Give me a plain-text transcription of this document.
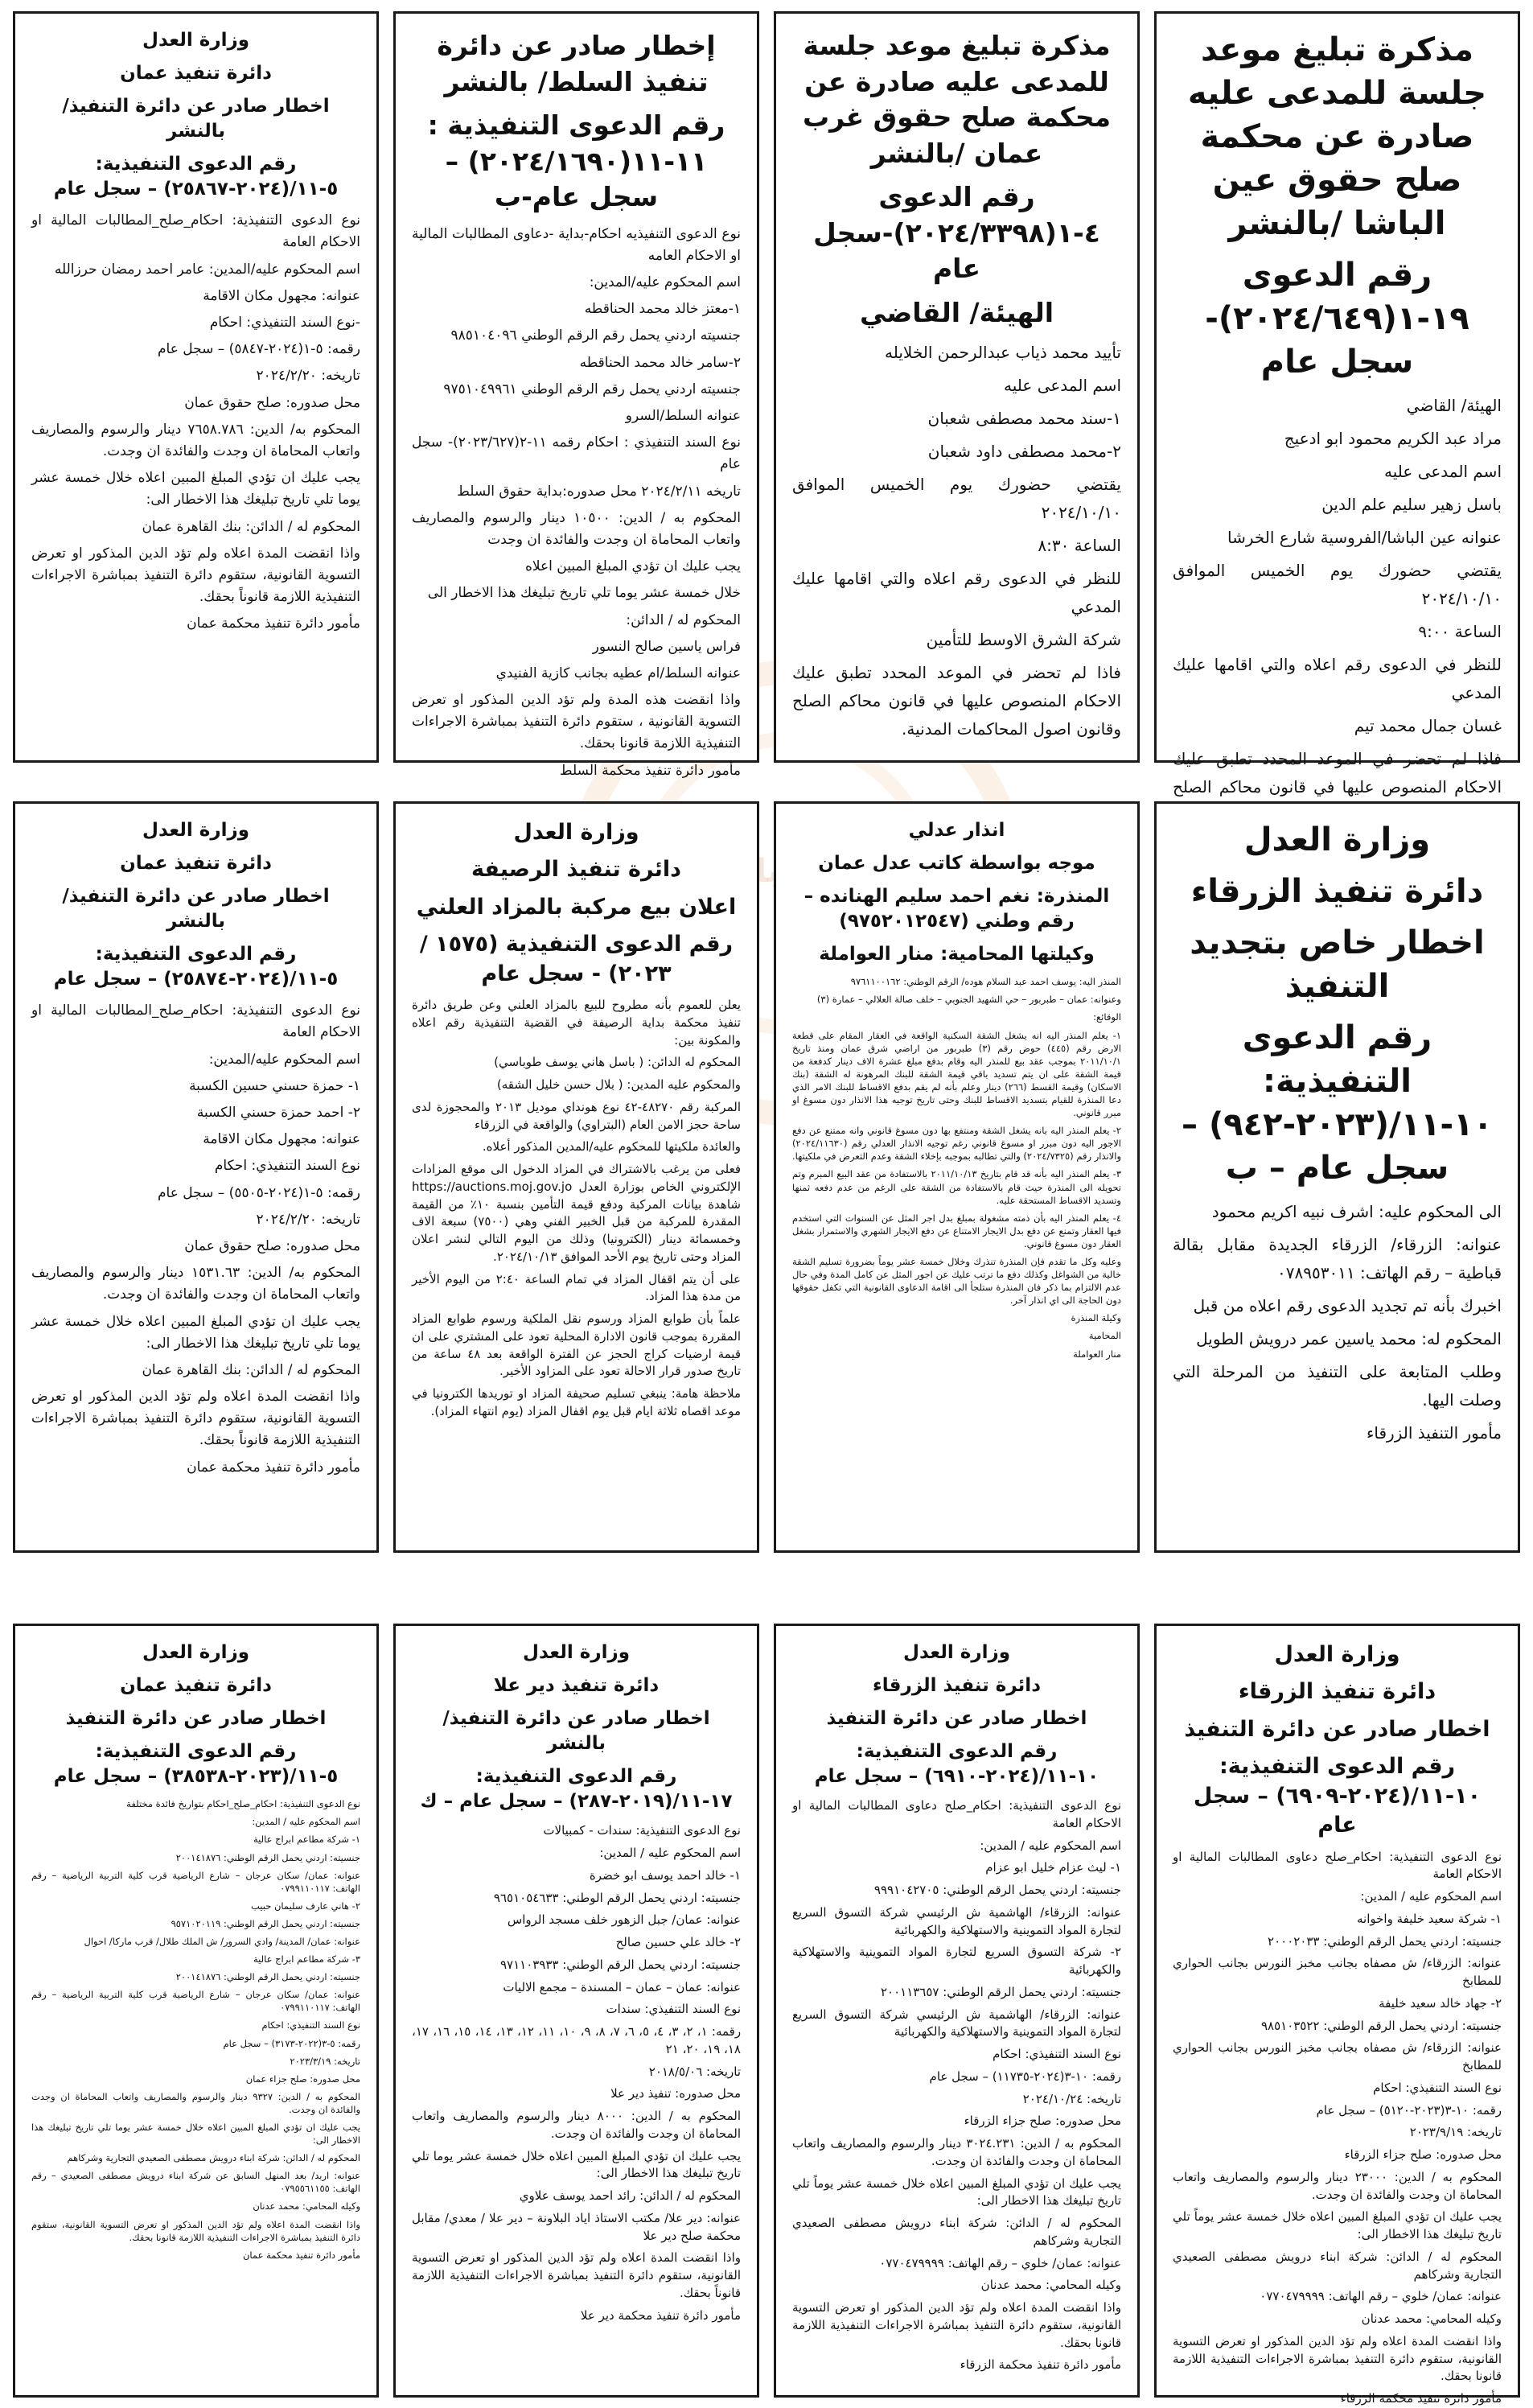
الإخبارية
مذكرة تبليغ موعد جلسة للمدعى عليه صادرة عن محكمة صلح حقوق عين الباشا /بالنشر
رقم الدعوى ١٩-١(٢٠٢٤/٦٤٩)-سجل عام

الهيئة/ القاضي

مراد عبد الكريم محمود ابو ادعيج

اسم المدعى عليه

باسل زهير سليم علم الدين

عنوانه عين الباشا/الفروسية شارع الخرشا

يقتضي حضورك يوم الخميس الموافق ٢٠٢٤/١٠/١٠

الساعة ٩:٠٠

للنظر في الدعوى رقم اعلاه والتي اقامها عليك المدعي

غسان جمال محمد تيم

فاذا لم تحضر في الموعد المحدد تطبق عليك الاحكام المنصوص عليها في قانون محاكم الصلح

مذكرة تبليغ موعد جلسة للمدعى عليه صادرة عن محكمة صلح حقوق غرب عمان /بالنشر
رقم الدعوى ٤-١(٢٠٢٤/٣٣٩٨)-سجل عام
الهيئة/ القاضي

تأييد محمد ذياب عبدالرحمن الخلايله

اسم المدعى عليه

١-سند محمد مصطفى شعبان

٢-محمد مصطفى داود شعبان

يقتضي حضورك يوم الخميس الموافق ٢٠٢٤/١٠/١٠

الساعة ٨:٣٠

للنظر في الدعوى رقم اعلاه والتي اقامها عليك المدعي

شركة الشرق الاوسط للتأمين

فاذا لم تحضر في الموعد المحدد تطبق عليك الاحكام المنصوص عليها في قانون محاكم الصلح وقانون اصول المحاكمات المدنية.

إخطار صادر عن دائرة تنفيذ السلط/ بالنشر
رقم الدعوى التنفيذية : ١١-١١(٢٠٢٤/١٦٩٠) – سجل عام-ب

نوع الدعوى التنفيذيه احكام-بداية -دعاوى المطالبات المالية او الاحكام العامه

اسم المحكوم عليه/المدين:

١-معتز خالد محمد الحناقطه

جنسيته اردني يحمل رقم الرقم الوطني ٩٨٥١٠٤٠٩٦

٢-سامر خالد محمد الحناقطه

جنسيته اردني يحمل رقم الرقم الوطني ٩٧٥١٠٤٩٩٦١

عنوانه السلط/السرو

نوع السند التنفيذي : احكام رقمه ١١-٢(٢٠٢٣/٦٢٧)- سجل عام

تاريخه ٢٠٢٤/٢/١١ محل صدوره:بداية حقوق السلط

المحكوم به / الدين: ١٠٥٠٠ دينار والرسوم والمصاريف واتعاب المحاماة ان وجدت والفائدة ان وجدت

يجب عليك ان تؤدي المبلغ المبين اعلاه

خلال خمسة عشر يوما تلي تاريخ تبليغك هذا الاخطار الى

المحكوم له / الدائن:

فراس ياسين صالح النسور

عنوانه السلط/ام عطيه بجانب كازية الفنيدي

واذا انقضت هذه المدة ولم تؤد الدين المذكور او تعرض التسوية القانونية ، ستقوم دائرة التنفيذ بمباشرة الاجراءات التنفيذية اللازمة قانونا بحقك.

مأمور دائرة تنفيذ محكمة السلط

وزارة العدل
دائرة تنفيذ عمان
اخطار صادر عن دائرة التنفيذ/ بالنشر
رقم الدعوى التنفيذية: ٥-١١/(٢٠٢٤-٢٥٨٦٧) – سجل عام

نوع الدعوى التنفيذية: احكام_صلح_المطالبات المالية او الاحكام العامة

اسم المحكوم عليه/المدين: عامر احمد رمضان حرزالله

عنوانه: مجهول مكان الاقامة

-نوع السند التنفيذي: احكام

رقمه: ٥-١(٢٠٢٤-٥٨٤٧) – سجل عام

تاريخه: ٢٠٢٤/٢/٢٠

محل صدوره: صلح حقوق عمان

المحكوم به/ الدين: ٧٦٥٨.٧٨٦ دينار والرسوم والمصاريف واتعاب المحاماة ان وجدت والفائدة ان وجدت.

يجب عليك ان تؤدي المبلغ المبين اعلاه خلال خمسة عشر يوما تلي تاريخ تبليغك هذا الاخطار الى:

المحكوم له / الدائن: بنك القاهرة عمان

واذا انقضت المدة اعلاه ولم تؤد الدين المذكور او تعرض التسوية القانونية، ستقوم دائرة التنفيذ بمباشرة الاجراءات التنفيذية اللازمة قانوناً بحقك.

مأمور دائرة تنفيذ محكمة عمان

وزارة العدل
دائرة تنفيذ الزرقاء
اخطار خاص بتجديد التنفيذ
رقم الدعوى التنفيذية: ١٠-١١/(٢٠٢٣-٩٤٢) – سجل عام – ب

الى المحكوم عليه: اشرف نبيه اكريم محمود

عنوانه: الزرقاء/ الزرقاء الجديدة مقابل بقالة قباطية – رقم الهاتف: ٠٧٨٩٥٣٠١١

اخبرك بأنه تم تجديد الدعوى رقم اعلاه من قبل

المحكوم له: محمد ياسين عمر درويش الطويل

وطلب المتابعة على التنفيذ من المرحلة التي وصلت اليها.

مأمور التنفيذ الزرقاء

انذار عدلي
موجه بواسطة كاتب عدل عمان
المنذرة: نغم احمد سليم الهنانده – رقم وطني (٩٧٥٢٠١٢٥٤٧)
وكيلتها المحامية: منار العواملة

المنذر اليه: يوسف احمد عبد السلام هوده/ الرقم الوطني: ٩٧٦١١٠٠١٦٢

وعنوانه: عمان – طبربور – حي الشهيد الجنوبي – خلف صالة العلالي – عمارة (٣)

الوقائع:

١- يعلم المنذر اليه انه يشغل الشقة السكنية الواقعة في العقار المقام على قطعة الارض رقم (٤٤٥) حوض رقم (٣) طبربور من اراضي شرق عمان ومنذ تاريخ ٢٠١١/١٠/١ بموجب عقد بيع للمنذر اليه وقام بدفع مبلغ عشرة الاف دينار كدفعة من قيمة الشقة على ان يتم تسديد باقي قيمة الشقة للبنك المرهونة له الشقة (بنك الاسكان) وقيمة القسط (٢٦٦) دينار وعلم بأنه لم يقم بدفع الاقساط للبنك الامر الذي دعا المنذرة للقيام بتسديد الاقساط للبنك وحتى تاريخ توجيه هذا الانذار دون مسوغ او مبرر قانوني.

٢- يعلم المنذر اليه بانه يشغل الشقة ومنتفع بها دون مسوغ قانوني وانه ممتنع عن دفع الاجور اليه دون مبرر او مسوغ قانوني رغم توجيه الانذار العدلي رقم (٢٠٢٤/١١٦٣٠) والانذار رقم (٢٠٢٤/٧٣٢٥) والتي تطالبه بموجبه بإخلاء الشقة وعدم التعرض في ملكيتها.

٣- يعلم المنذر اليه بأنه قد قام بتاريخ ٢٠١١/١٠/١٣ بالاستفادة من عقد البيع المبرم وتم تحويله الى المنذرة حيث قام بالاستفادة من الشقة على الرغم من عدم دفعه ثمنها وتسديد الاقساط المستحقة عليه.

٤- يعلم المنذر اليه بأن ذمته مشغولة بمبلغ بدل اجر المثل عن السنوات التي استخدم فيها العقار وتمنع عن دفع بدل الايجار الامتناع عن دفع الايجار الشهري والاستمرار بشغل العقار دون مسوغ قانوني.

وعليه وكل ما تقدم فإن المنذرة تنذرك وخلال خمسة عشر يوماً بضرورة تسليم الشقة خالية من الشواغل وكذلك دفع ما ترتب عليك عن اجور المثل عن كامل المدة وفي حال عدم الالتزام بما ذكر فان المنذرة ستلجأ الى اقامة الدعاوى القانونية التي تكفل حقوقها دون الحاجة الى اي انذار آخر.

وكيلة المنذرة

المحامية

منار العواملة

وزارة العدل
دائرة تنفيذ الرصيفة
اعلان بيع مركبة بالمزاد العلني
رقم الدعوى التنفيذية (١٥٧٥ / ٢٠٢٣) - سجل عام

يعلن للعموم بأنه مطروح للبيع بالمزاد العلني وعن طريق دائرة تنفيذ محكمة بداية الرصيفة في القضية التنفيذية رقم اعلاه والمكونة بين:

المحكوم له الدائن: ( باسل هاني يوسف طوباسي)

والمحكوم عليه المدين: ( بلال حسن خليل الشقه)

المركبة رقم ٤٨٢٧٠-٤٢ نوع هونداي موديل ٢٠١٣ والمحجوزة لدى ساحة حجز الامن العام (البتراوي) والواقعة في الزرقاء

والعائدة ملكيتها للمحكوم عليه/المدين المذكور أعلاه.

فعلى من يرغب بالاشتراك في المزاد الدخول الى موقع المزادات الإلكتروني الخاص بوزارة العدل https://auctions.moj.gov.jo شاهدة بيانات المركبة ودفع قيمة التأمين بنسبة ١٠٪ من القيمة المقدرة للمركبة من قبل الخبير الفني وهي (٧٥٠٠) سبعة الاف وخمسمائة دينار (الكترونيا) وذلك من اليوم التالي لنشر اعلان المزاد وحتى تاريخ يوم الأحد الموافق ٢٠٢٤/١٠/١٣.

على أن يتم اقفال المزاد في تمام الساعة ٢:٤٠ من اليوم الأخير من مدة هذا المزاد.

علماً بأن طوابع المزاد ورسوم نقل الملكية ورسوم طوابع المزاد المقررة بموجب قانون الادارة المحلية تعود على المشتري على ان قيمة ارضيات كراج الحجز عن الفترة الواقعة بعد ٤٨ ساعة من تاريخ صدور قرار الاحالة تعود على المزاود الأخير.

ملاحظة هامة: ينبغي تسليم صحيفة المزاد او توريدها الكترونيا في موعد اقصاه ثلاثة ايام قبل يوم اقفال المزاد (يوم انتهاء المزاد).

وزارة العدل
دائرة تنفيذ عمان
اخطار صادر عن دائرة التنفيذ/ بالنشر
رقم الدعوى التنفيذية: ٥-١١/(٢٠٢٤-٢٥٨٧٤) – سجل عام

نوع الدعوى التنفيذية: احكام_صلح_المطالبات المالية او الاحكام العامة

اسم المحكوم عليه/المدين:

١- حمزة حسني حسين الكسبة

٢- احمد حمزة حسني الكسبة

عنوانه: مجهول مكان الاقامة

نوع السند التنفيذي: احكام

رقمه: ٥-١(٢٠٢٤-٥٥٠٥) – سجل عام

تاريخه: ٢٠٢٤/٢/٢٠

محل صدوره: صلح حقوق عمان

المحكوم به/ الدين: ١٥٣١.٦٣ دينار والرسوم والمصاريف واتعاب المحاماة ان وجدت والفائدة ان وجدت.

يجب عليك ان تؤدي المبلغ المبين اعلاه خلال خمسة عشر يوما تلي تاريخ تبليغك هذا الاخطار الى:

المحكوم له / الدائن: بنك القاهرة عمان

واذا انقضت المدة اعلاه ولم تؤد الدين المذكور او تعرض التسوية القانونية، ستقوم دائرة التنفيذ بمباشرة الاجراءات التنفيذية اللازمة قانوناً بحقك.

مأمور دائرة تنفيذ محكمة عمان

وزارة العدل
دائرة تنفيذ الزرقاء
اخطار صادر عن دائرة التنفيذ
رقم الدعوى التنفيذية: ١٠-١١/(٢٠٢٤-٦٩٠٩) – سجل عام

نوع الدعوى التنفيذية: احكام_صلح دعاوى المطالبات المالية او الاحكام العامة

اسم المحكوم عليه / المدين:

١- شركة سعيد خليفة واخوانه

جنسيته: اردني يحمل الرقم الوطني: ٢٠٠٠٢٠٣٣

عنوانه: الزرقاء/ ش مصفاه بجانب مخبز النورس بجانب الحواري للمطابخ

٢- جهاد خالد سعيد خليفة

جنسيته: اردني يحمل الرقم الوطني: ٩٨٥١٠٣٥٢٢

عنوانه: الزرقاء/ ش مصفاه بجانب مخبز النورس بجانب الحواري للمطابخ

نوع السند التنفيذي: احكام

رقمه: ١٠-٣(٢٠٢٣-٥١٢٠) – سجل عام

تاريخه: ٢٠٢٣/٩/١٩

محل صدوره: صلح جزاء الزرقاء

المحكوم به / الدين: ٢٣٠٠٠ دينار والرسوم والمصاريف واتعاب المحاماة ان وجدت والفائدة ان وجدت.

يجب عليك ان تؤدي المبلغ المبين اعلاه خلال خمسة عشر يوماً تلي تاريخ تبليغك هذا الاخطار الى:

المحكوم له / الدائن: شركة ابناء درويش مصطفى الصعيدي التجارية وشركاهم

عنوانه: عمان/ خلوي – رقم الهاتف: ٠٧٧٠٤٧٩٩٩٩

وكيله المحامي: محمد عدنان

واذا انقضت المدة اعلاه ولم تؤد الدين المذكور او تعرض التسوية القانونية، ستقوم دائرة التنفيذ بمباشرة الاجراءات التنفيذية اللازمة قانونا بحقك.

مأمور دائرة تنفيذ محكمة الزرقاء

وزارة العدل
دائرة تنفيذ الزرقاء
اخطار صادر عن دائرة التنفيذ
رقم الدعوى التنفيذية: ١٠-١١/(٢٠٢٤-٦٩١٠) – سجل عام

نوع الدعوى التنفيذية: احكام_صلح دعاوى المطالبات المالية او الاحكام العامة

اسم المحكوم عليه / المدين:

١- ليث عزام خليل ابو عزام

جنسيته: اردني يحمل الرقم الوطني: ٩٩٩١٠٤٢٧٠٥

عنوانه: الزرقاء/ الهاشمية ش الرئيسي شركة التسوق السريع لتجارة المواد التموينية والاستهلاكية والكهربائية

٢- شركة التسوق السريع لتجارة المواد التموينية والاستهلاكية والكهربائية

جنسيته: اردني يحمل الرقم الوطني: ٢٠٠١١٣٦٥٧

عنوانه: الزرقاء/ الهاشمية ش الرئيسي شركة التسوق السريع لتجارة المواد التموينية والاستهلاكية والكهربائية

نوع السند التنفيذي: احكام

رقمه: ١٠-٣(٢٠٢٤-١١٧٣٥) – سجل عام

تاريخه: ٢٠٢٤/١٠/٢٤

محل صدوره: صلح جزاء الزرقاء

المحكوم به / الدين: ٣٠٢٤.٢٣١ دينار والرسوم والمصاريف واتعاب المحاماة ان وجدت والفائدة ان وجدت.

يجب عليك ان تؤدي المبلغ المبين اعلاه خلال خمسة عشر يوماً تلي تاريخ تبليغك هذا الاخطار الى:

المحكوم له / الدائن: شركة ابناء درويش مصطفى الصعيدي التجارية وشركاهم

عنوانه: عمان/ خلوي – رقم الهاتف: ٠٧٧٠٤٧٩٩٩٩

وكيله المحامي: محمد عدنان

واذا انقضت المدة اعلاه ولم تؤد الدين المذكور او تعرض التسوية القانونية، ستقوم دائرة التنفيذ بمباشرة الاجراءات التنفيذية اللازمة قانونا بحقك.

مأمور دائرة تنفيذ محكمة الزرقاء

وزارة العدل
دائرة تنفيذ دير علا
اخطار صادر عن دائرة التنفيذ/ بالنشر
رقم الدعوى التنفيذية: ١٧-١١/(٢٠١٩-٢٨٧) – سجل عام – ك

نوع الدعوى التنفيذية: سندات - كمبيالات

اسم المحكوم عليه / المدين:

١- خالد احمد يوسف ابو خضرة

جنسيته: اردني يحمل الرقم الوطني: ٩٦٥١٠٥٤٦٣٣

عنوانه: عمان/ جبل الزهور خلف مسجد الرواس

٢- خالد علي حسين صالح

جنسيته: اردني يحمل الرقم الوطني: ٩٧١١٠٣٩٣٣

عنوانه: عمان – عمان – المسندة – مجمع الاليات

نوع السند التنفيذي: سندات

رقمه: ١، ٢، ٣، ٤، ٥، ٦، ٧، ٨، ٩، ١٠، ١١، ١٢، ١٣، ١٤، ١٥، ١٦، ١٧، ١٨، ١٩، ٢٠، ٢١

تاريخه: ٢٠١٨/٥/٠٦

محل صدوره: تنفيذ دير علا

المحكوم به / الدين: ٨٠٠٠ دينار والرسوم والمصاريف واتعاب المحاماة ان وجدت والفائدة ان وجدت.

يجب عليك ان تؤدي المبلغ المبين اعلاه خلال خمسة عشر يوما تلي تاريخ تبليغك هذا الاخطار الى:

المحكوم له / الدائن: رائد احمد يوسف علاوي

عنوانه: دير علا/ مكتب الاستاذ اياد البلاونة – دير علا / معدي/ مقابل محكمة صلح دير علا

واذا انقضت المدة اعلاه ولم تؤد الدين المذكور او تعرض التسوية القانونية، ستقوم دائرة التنفيذ بمباشرة الاجراءات التنفيذية اللازمة قانوناً بحقك.

مأمور دائرة تنفيذ محكمة دير علا

وزارة العدل
دائرة تنفيذ عمان
اخطار صادر عن دائرة التنفيذ
رقم الدعوى التنفيذية: ٥-١١/(٢٠٢٣-٣٨٥٣٨) – سجل عام

نوع الدعوى التنفيذية: احكام_صلح_احكام بتواريخ فائدة مختلفة

اسم المحكوم عليه / المدين:

١- شركة مطاعم ابراج عالية

جنسيته: اردني يحمل الرقم الوطني: ٢٠٠١٤١٨٧٦

عنوانه: عمان/ سكان عرجان – شارع الرياضية قرب كلية التربية الرياضية – رقم الهاتف: ٠٧٩٩١١٠١١٧

٢- هاني عارف سليمان حبيب

جنسيته: اردني يحمل الرقم الوطني: ٩٥٧١٠٢٠١١٩

عنوانه: عمان/ المدينة/ وادي السرور/ ش الملك طلال/ قرب ماركا/ احوال

٣- شركة مطاعم ابراج عالية

جنسيته: اردني يحمل الرقم الوطني: ٢٠٠١٤١٨٧٦

عنوانه: عمان/ سكان عرجان – شارع الرياضية قرب كلية التربية الرياضية – رقم الهاتف: ٠٧٩٩١١٠١١٧

نوع السند التنفيذي: احكام

رقمه: ٥-٣(٢٠٢٢-٣١٧٣) – سجل عام

تاريخه: ٢٠٢٣/٣/١٩

محل صدوره: صلح جزاء عمان

المحكوم به / الدين: ٩٣٢٧ دينار والرسوم والمصاريف واتعاب المحاماة ان وجدت والفائدة ان وجدت.

يجب عليك ان تؤدي المبلغ المبين اعلاه خلال خمسة عشر يوما تلي تاريخ تبليغك هذا الاخطار الى:

المحكوم له / الدائن: شركة ابناء درويش مصطفى الصعيدي التجارية وشركاهم

عنوانه: اربد/ بعد المنهل السابق عن شركة ابناء درويش مصطفى الصعيدي – رقم الهاتف: ٠٧٩٥٥٦١١٥٥

وكيله المحامي: محمد عدنان

واذا انقضت المدة اعلاه ولم تؤد الدين المذكور او تعرض التسوية القانونية، ستقوم دائرة التنفيذ بمباشرة الاجراءات التنفيذية اللازمة قانونا بحقك.

مأمور دائرة تنفيذ محكمة عمان
